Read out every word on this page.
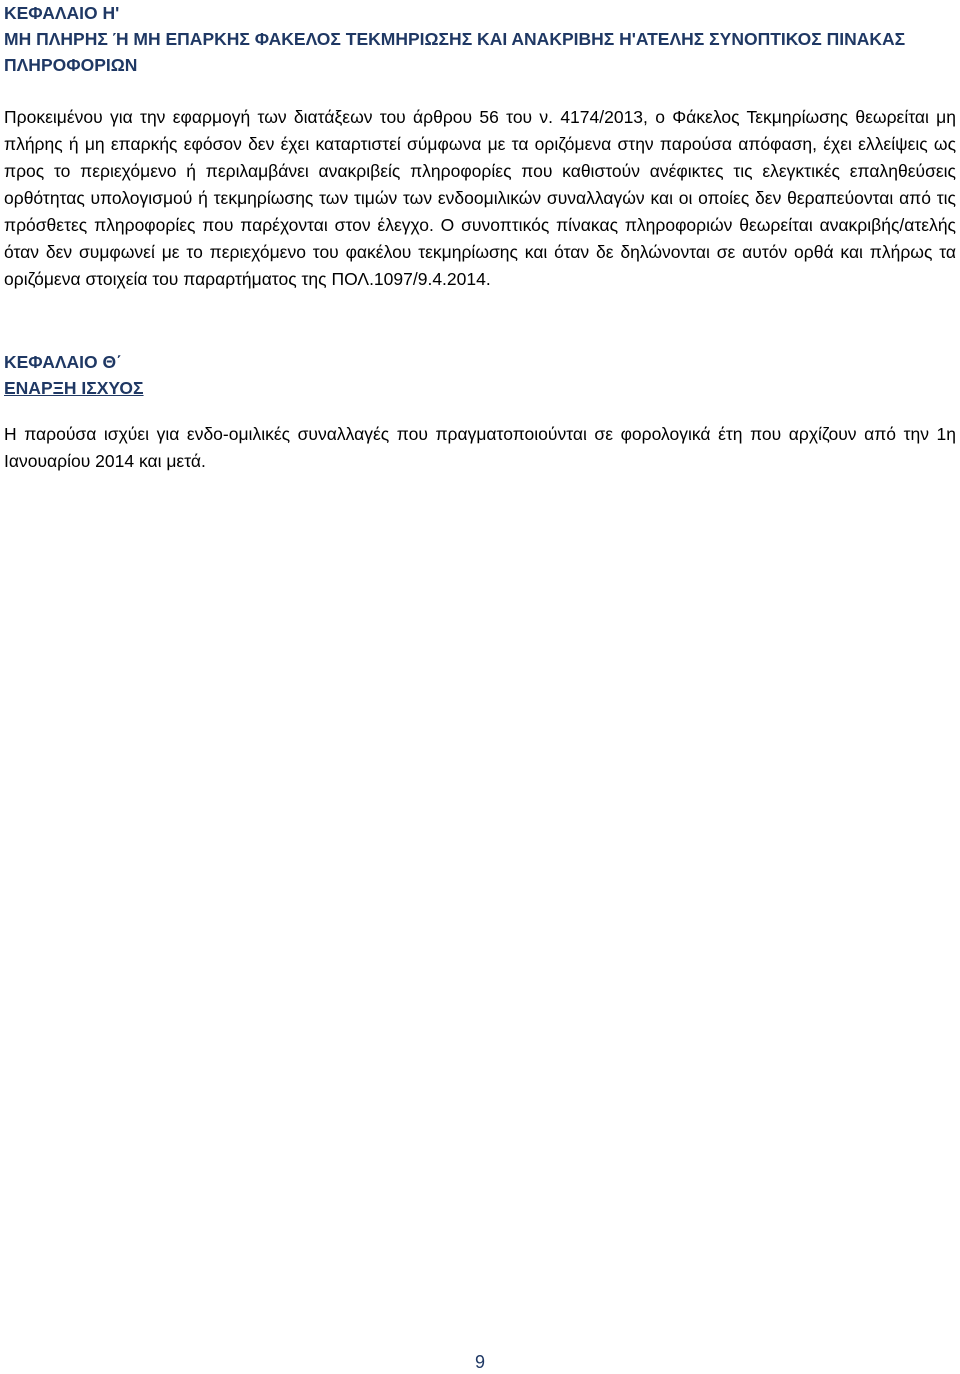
ΚΕΦΑΛΑΙΟ Η'

ΜΗ ΠΛΗΡΗΣ Ή ΜΗ ΕΠΑΡΚΗΣ ΦΑΚΕΛΟΣ ΤΕΚΜΗΡΙΩΣΗΣ ΚΑΙ ΑΝΑΚΡΙΒΗΣ Η'ΑΤΕΛΗΣ ΣΥΝΟΠΤΙΚΟΣ ΠΙΝΑΚΑΣ

ΠΛΗΡΟΦΟΡΙΩΝ

Προκειμένου για την εφαρμογή των διατάξεων του άρθρου 56 του ν. 4174/2013, ο Φάκελος Τεκμηρίωσης θεωρείται μη πλήρης ή μη επαρκής εφόσον δεν έχει καταρτιστεί σύμφωνα με τα οριζόμενα στην παρούσα απόφαση, έχει ελλείψεις ως προς το περιεχόμενο ή περιλαμβάνει ανακριβείς πληροφορίες που καθιστούν ανέφικτες τις ελεγκτικές επαληθεύσεις ορθότητας υπολογισμού ή τεκμηρίωσης των τιμών των ενδοομιλικών συναλλαγών και οι οποίες δεν θεραπεύονται από τις πρόσθετες πληροφορίες που παρέχονται στον έλεγχο. Ο συνοπτικός πίνακας πληροφοριών θεωρείται ανακριβής/ατελής όταν δεν συμφωνεί με το περιεχόμενο του φακέλου τεκμηρίωσης και όταν δε δηλώνονται σε αυτόν ορθά και πλήρως τα οριζόμενα στοιχεία του παραρτήματος της ΠΟΛ.1097/9.4.2014.

ΚΕΦΑΛΑΙΟ Θ΄

ΕΝΑΡΞΗ ΙΣΧΥΟΣ

Η παρούσα ισχύει για ενδο-ομιλικές συναλλαγές που πραγματοποιούνται σε φορολογικά έτη που αρχίζουν από την 1η Ιανουαρίου 2014 και μετά.

9
